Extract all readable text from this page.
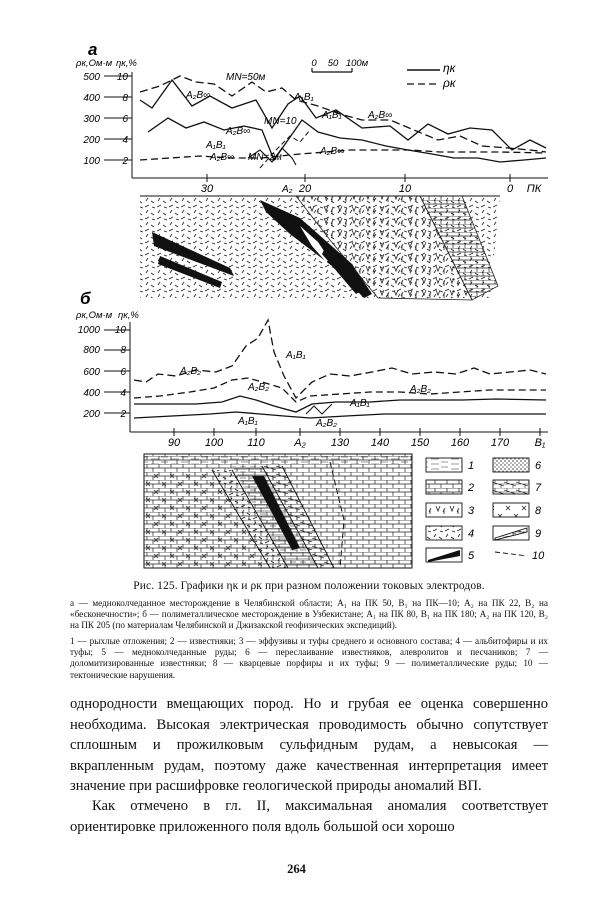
а
ρк,Ом·м ηк,%
500
400
300
200
100
10
8
6
4
2
30	20	10	0 ПК
0 50 100м	ηк
ρк
MN=50м
A₂B∞	A₁B₁
MN=10
A₁B₁	A₂B∞
A₂B∞
A₁B₁
MN=2м
A₂B∞
A₂B∞
A₂
б
ρк,Ом·м ηк,%
1000
800
600
400
200
10
8
6
4
2
90 100 110	A₂ 130 140 150 160 170 B₁
A₁B₁
A₂B₂
A₂B₂	A₂B₂
A₁B₁
A₁B₁	A₂B₂
1
2
3
4
5
6
7
8
9
10
Рис. 125. Графики ηк и ρк при разном положении токовых электродов.
а — медноколчеданное месторождение в Челябинской области; A₁ на ПК 50, B₁ на ПК—10; A₂ на ПК 22, B₂ на «бесконечности»; б — полиметаллическое месторождение в Узбекистане; A₁ на ПК 80, B₁ на ПК 180; A₂ на ПК 120, B₂ на ПК 205 (по материалам Челябинской и Джизакской геофизических экспедиций).
1 — рыхлые отложения; 2 — известняки; 3 — эффузивы и туфы среднего и основного состава; 4 — альбитофиры и их туфы; 5 — медноколчеданные руды; 6 — переслаивание известняков, алевролитов и песчаников; 7 — доломитизированные известняки; 8 — кварцевые порфиры и их туфы; 9 — полиметаллические руды; 10 — тектонические нарушения.
однородности вмещающих пород. Но и грубая ее оценка совершенно необходима. Высокая электрическая проводимость обычно сопутствует сплошным и прожилковым сульфидным рудам, а невысокая — вкрапленным рудам, поэтому даже качественная интерпретация имеет значение при расшифровке геологической природы аномалий ВП.
Как отмечено в гл. II, максимальная аномалия соответствует ориентировке приложенного поля вдоль большой оси хорошо
264
